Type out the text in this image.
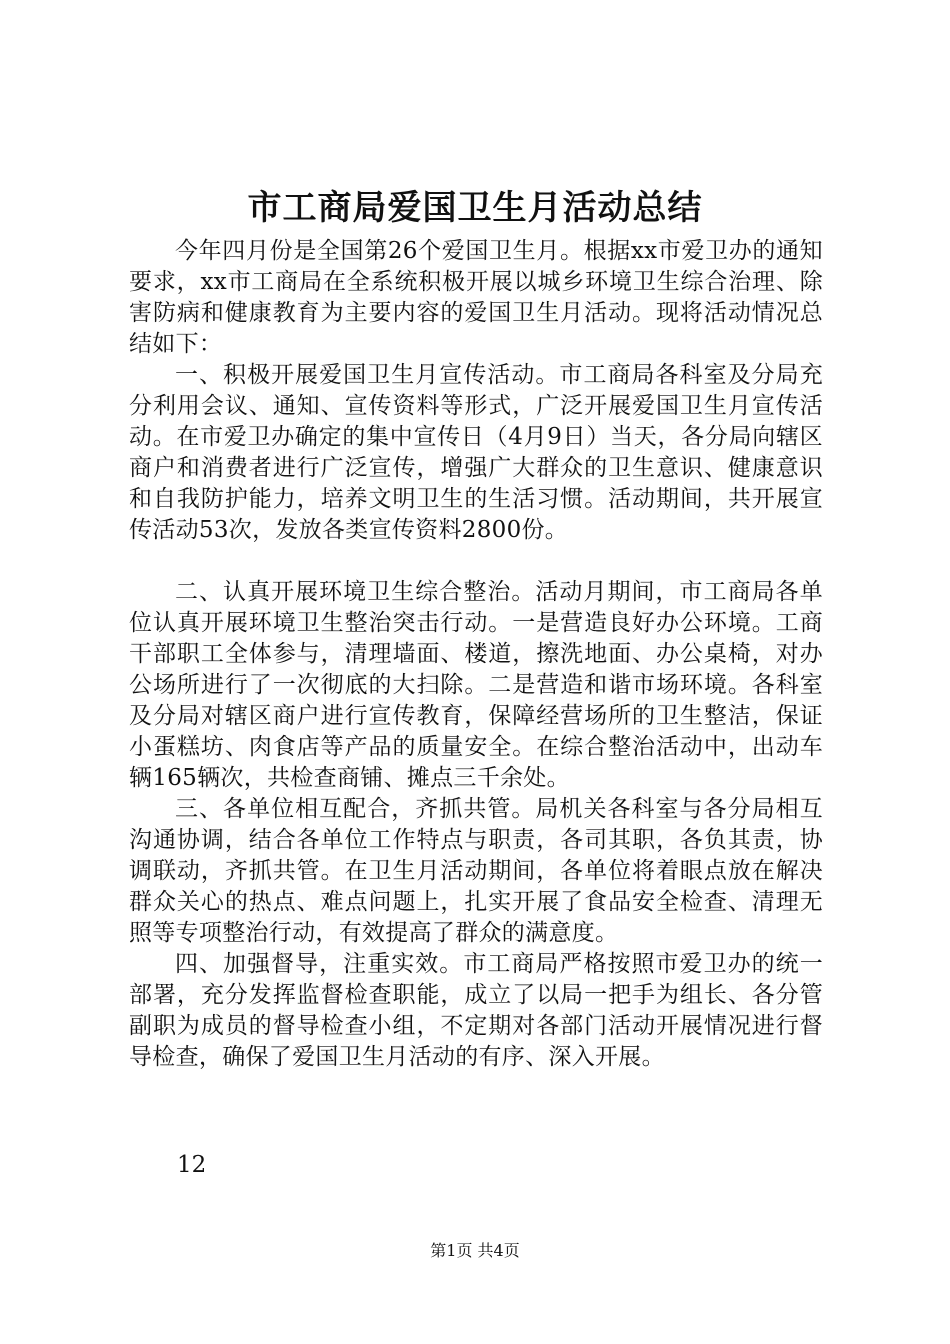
市工商局爱国卫生月活动总结

今年四月份是全国第26个爱国卫生月。根据xx市爱卫办的通知要求，xx市工商局在全系统积极开展以城乡环境卫生综合治理、除害防病和健康教育为主要内容的爱国卫生月活动。现将活动情况总结如下：

一、积极开展爱国卫生月宣传活动。市工商局各科室及分局充分利用会议、通知、宣传资料等形式，广泛开展爱国卫生月宣传活动。在市爱卫办确定的集中宣传日（4月9日）当天，各分局向辖区商户和消费者进行广泛宣传，增强广大群众的卫生意识、健康意识和自我防护能力，培养文明卫生的生活习惯。活动期间，共开展宣传活动53次，发放各类宣传资料2800份。

二、认真开展环境卫生综合整治。活动月期间，市工商局各单位认真开展环境卫生整治突击行动。一是营造良好办公环境。工商干部职工全体参与，清理墙面、楼道，擦洗地面、办公桌椅，对办公场所进行了一次彻底的大扫除。二是营造和谐市场环境。各科室及分局对辖区商户进行宣传教育，保障经营场所的卫生整洁，保证小蛋糕坊、肉食店等产品的质量安全。在综合整治活动中，出动车辆165辆次，共检查商铺、摊点三千余处。

三、各单位相互配合，齐抓共管。局机关各科室与各分局相互沟通协调，结合各单位工作特点与职责，各司其职，各负其责，协调联动，齐抓共管。在卫生月活动期间，各单位将着眼点放在解决群众关心的热点、难点问题上，扎实开展了食品安全检查、清理无照等专项整治行动，有效提高了群众的满意度。

四、加强督导，注重实效。市工商局严格按照市爱卫办的统一部署，充分发挥监督检查职能，成立了以局一把手为组长、各分管副职为成员的督导检查小组，不定期对各部门活动开展情况进行督导检查，确保了爱国卫生月活动的有序、深入开展。

12
第1页 共4页
